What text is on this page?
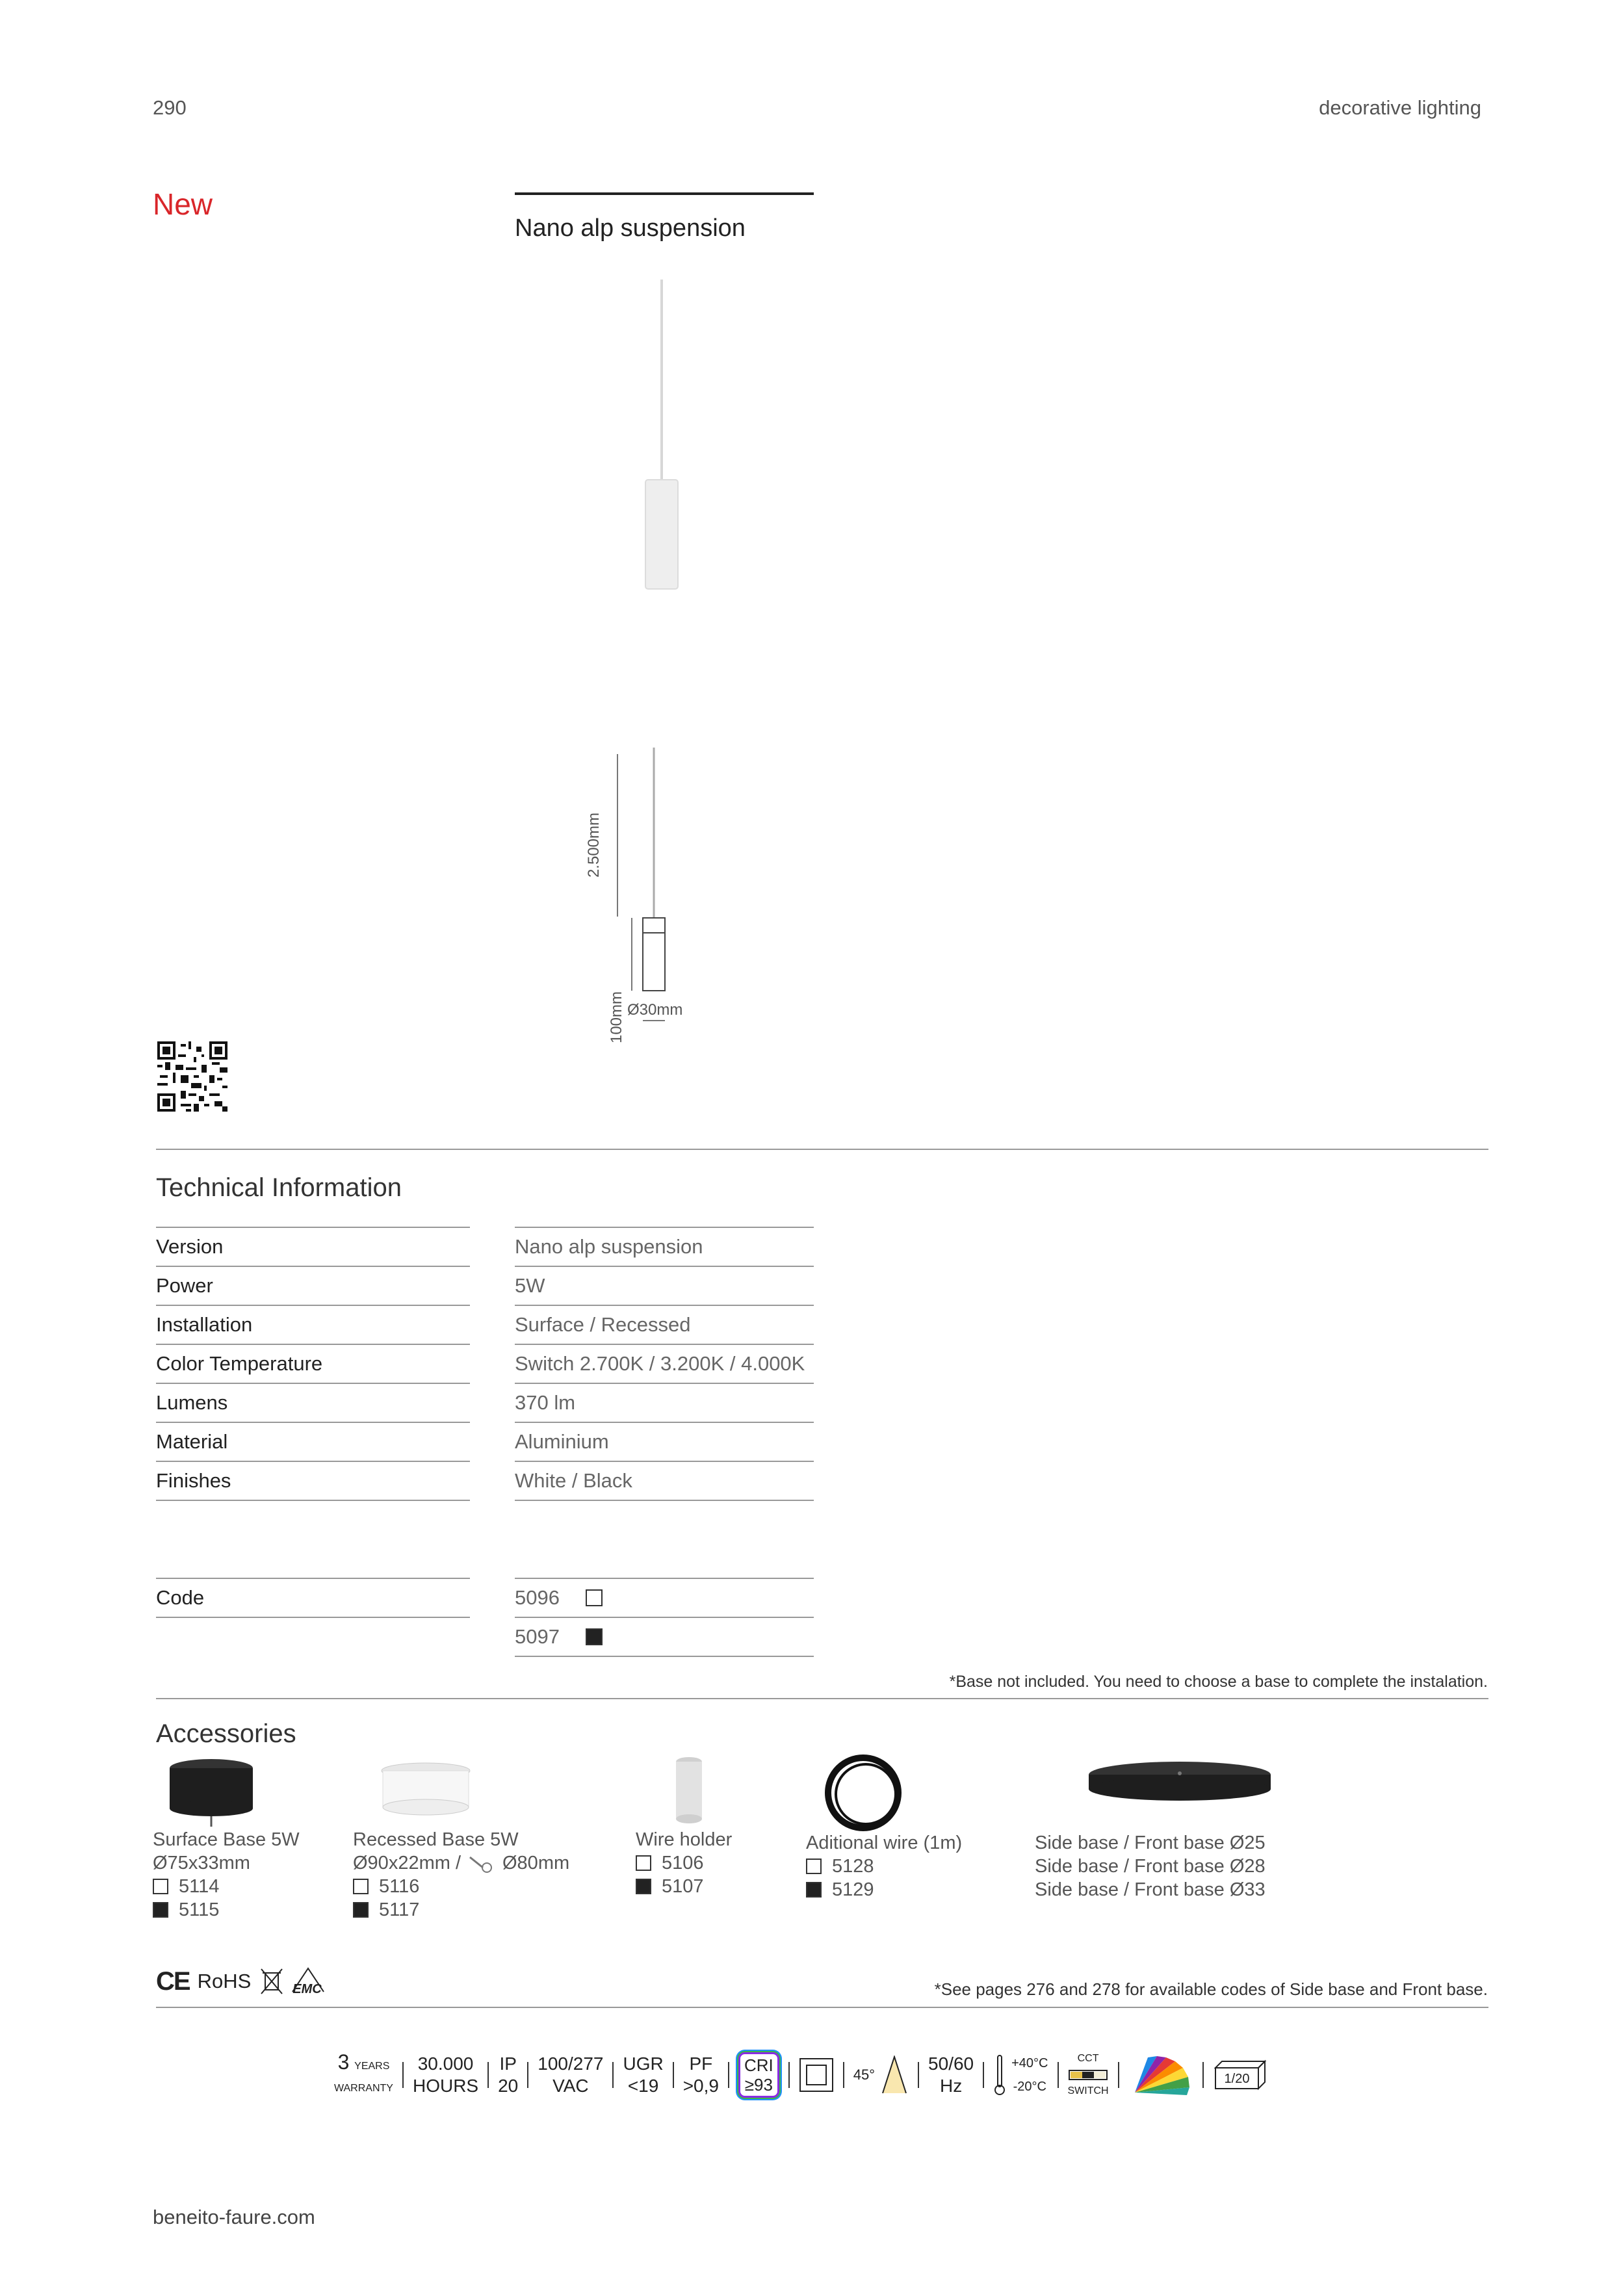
290	decorative lighting
New
Nano alp suspension
2.500mm
100mm Ø30mm
Technical Information
Version	Nano alp suspension
Power	5W
Installation	Surface / Recessed
Color Temperature	Switch 2.700K / 3.200K / 4.000K
Lumens	370 lm
Material	Aluminium
Finishes	White / Black
Code	5096
5097
*Base not included. You need to choose a base to complete the instalation.
Accessories
Surface Base 5W
Ø75x33mm
5114
5115
Recessed Base 5W
Ø90x22mm / Ø80mm
5116
5117
Wire holder
5106
5107
Aditional wire (1m)
5128
5129
Side base / Front base Ø25
Side base / Front base Ø28
Side base / Front base Ø33
CE RoHS	$_{EMC}$	*See pages 276 and 278 for available codes of Side base and Front base.
3 YEARS
WARRANTY
30.000
HOURS
IP
20
100/277
VAC
UGR
<19
PF
>0,9
CRI
≥93
45°
50/60
Hz
+40°C
-20°C
CCT
SWITCH
1/20
beneito-faure.com
